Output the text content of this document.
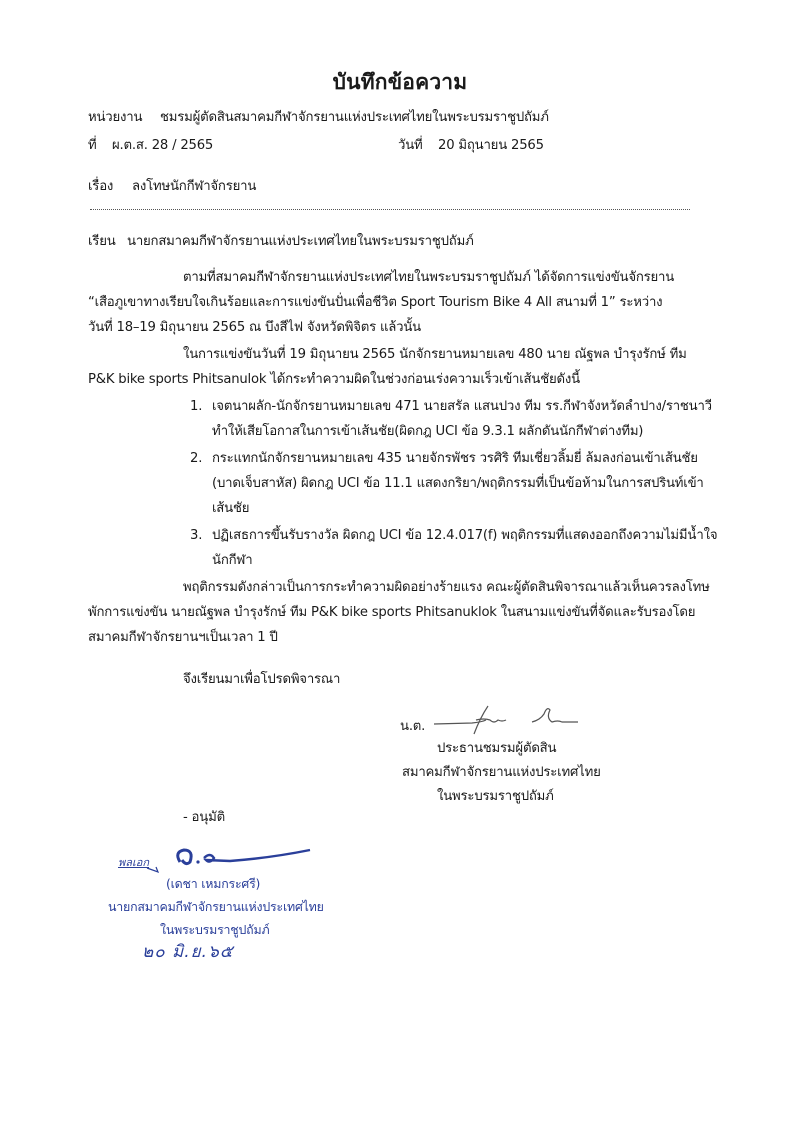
บันทึกข้อความ
หน่วยงาน ชมรมผู้ตัดสินสมาคมกีฬาจักรยานแห่งประเทศไทยในพระบรมราชูปถัมภ์
ที่ ผ.ต.ส. 28 / 2565	วันที่ 20 มิถุนายน 2565
เรื่อง ลงโทษนักกีฬาจักรยาน
เรียน นายกสมาคมกีฬาจักรยานแห่งประเทศไทยในพระบรมราชูปถัมภ์
ตามที่สมาคมกีฬาจักรยานแห่งประเทศไทยในพระบรมราชูปถัมภ์ ได้จัดการแข่งขันจักรยาน
“เสือภูเขาทางเรียบใจเกินร้อยและการแข่งขันปั่นเพื่อชีวิต Sport Tourism Bike 4 All สนามที่ 1” ระหว่าง
วันที่ 18–19 มิถุนายน 2565 ณ บึงสีไฟ จังหวัดพิจิตร แล้วนั้น
ในการแข่งขันวันที่ 19 มิถุนายน 2565 นักจักรยานหมายเลข 480 นาย ณัฐพล บำรุงรักษ์ ทีม
P&K bike sports Phitsanulok ได้กระทำความผิดในช่วงก่อนเร่งความเร็วเข้าเส้นชัยดังนี้
1. เจตนาผลัก-นักจักรยานหมายเลข 471 นายสรัล แสนปวง ทีม รร.กีฬาจังหวัดลำปาง/ราชนาวี
ทำให้เสียโอกาสในการเข้าเส้นชัย(ผิดกฎ UCI ข้อ 9.3.1 ผลักดันนักกีฬาต่างทีม)
2. กระแทกนักจักรยานหมายเลข 435 นายจักรพัชร วรศิริ ทีมเชี่ยวลิ้มยี่ ล้มลงก่อนเข้าเส้นชัย
(บาดเจ็บสาหัส) ผิดกฎ UCI ข้อ 11.1 แสดงกริยา/พฤติกรรมที่เป็นข้อห้ามในการสปรินท์เข้า
เส้นชัย
3. ปฏิเสธการขึ้นรับรางวัล ผิดกฎ UCI ข้อ 12.4.017(f) พฤติกรรมที่แสดงออกถึงความไม่มีน้ำใจ
นักกีฬา
พฤติกรรมดังกล่าวเป็นการกระทำความผิดอย่างร้ายแรง คณะผู้ตัดสินพิจารณาแล้วเห็นควรลงโทษ
พักการแข่งขัน นายณัฐพล บำรุงรักษ์ ทีม P&K bike sports Phitsanuklok ในสนามแข่งขันที่จัดและรับรองโดย
สมาคมกีฬาจักรยานฯเป็นเวลา 1 ปี
จึงเรียนมาเพื่อโปรดพิจารณา
น.ต.
ประธานชมรมผู้ตัดสิน
สมาคมกีฬาจักรยานแห่งประเทศไทย
ในพระบรมราชูปถัมภ์
- อนุมัติ
พลเอก
(เดชา เหมกระศรี)
นายกสมาคมกีฬาจักรยานแห่งประเทศไทย
ในพระบรมราชูปถัมภ์
๒๐ มิ.ย.๖๕
